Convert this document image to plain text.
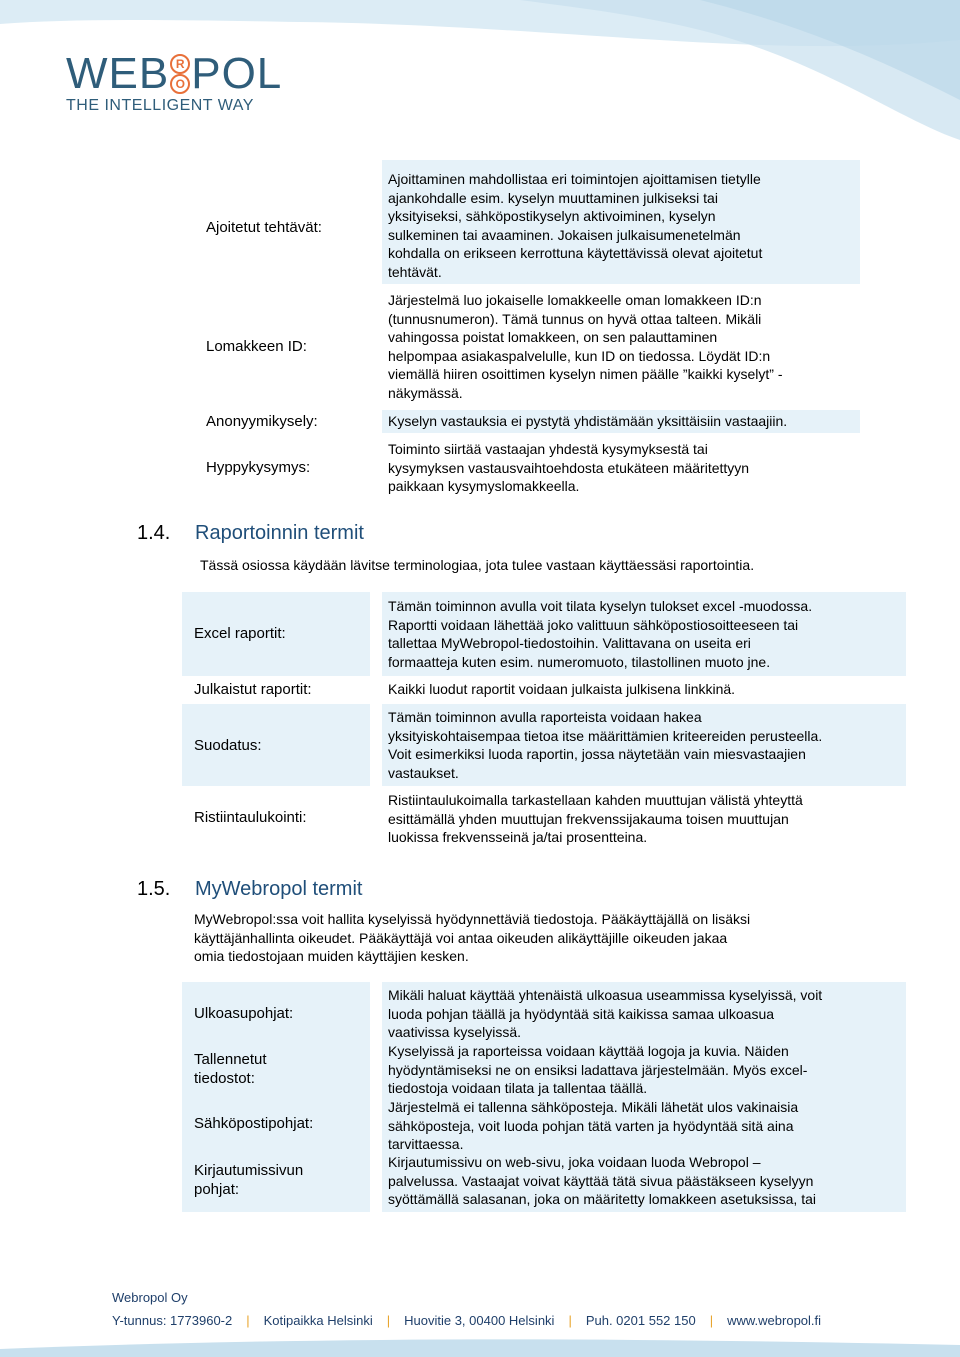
WEB $\frac{R}{O}$ POL
THE INTELLIGENT WAY
Ajoitetut tehtävät:
Ajoittaminen mahdollistaa eri toimintojen ajoittamisen tietylle
ajankohdalle esim. kyselyn muuttaminen julkiseksi tai
yksityiseksi, sähköpostikyselyn aktivoiminen, kyselyn
sulkeminen tai avaaminen. Jokaisen julkaisumenetelmän
kohdalla on erikseen kerrottuna käytettävissä olevat ajoitetut
tehtävät.
Lomakkeen ID:
Järjestelmä luo jokaiselle lomakkeelle oman lomakkeen ID:n
(tunnusnumeron). Tämä tunnus on hyvä ottaa talteen. Mikäli
vahingossa poistat lomakkeen, on sen palauttaminen
helpompaa asiakaspalvelulle, kun ID on tiedossa. Löydät ID:n
viemällä hiiren osoittimen kyselyn nimen päälle ”kaikki kyselyt” -
näkymässä.
Anonyymikysely:	Kyselyn vastauksia ei pystytä yhdistämään yksittäisiin vastaajiin.
Hyppykysymys:
Toiminto siirtää vastaajan yhdestä kysymyksestä tai
kysymyksen vastausvaihtoehdosta etukäteen määritettyyn
paikkaan kysymyslomakkeella.
1.4. Raportoinnin termit
Tässä osiossa käydään lävitse terminologiaa, jota tulee vastaan käyttäessäsi raportointia.
Excel raportit:
Tämän toiminnon avulla voit tilata kyselyn tulokset excel -muodossa.
Raportti voidaan lähettää joko valittuun sähköpostiosoitteeseen tai
tallettaa MyWebropol-tiedostoihin. Valittavana on useita eri
formaatteja kuten esim. numeromuoto, tilastollinen muoto jne.
Julkaistut raportit:	Kaikki luodut raportit voidaan julkaista julkisena linkkinä.
Suodatus:
Tämän toiminnon avulla raporteista voidaan hakea
yksityiskohtaisempaa tietoa itse määrittämien kriteereiden perusteella.
Voit esimerkiksi luoda raportin, jossa näytetään vain miesvastaajien
vastaukset.
Ristiintaulukointi:
Ristiintaulukoimalla tarkastellaan kahden muuttujan välistä yhteyttä
esittämällä yhden muuttujan frekvenssijakauma toisen muuttujan
luokissa frekvensseinä ja/tai prosentteina.
1.5. MyWebropol termit
MyWebropol:ssa voit hallita kyselyissä hyödynnettäviä tiedostoja. Pääkäyttäjällä on lisäksi
käyttäjänhallinta oikeudet. Pääkäyttäjä voi antaa oikeuden alikäyttäjille oikeuden jakaa
omia tiedostojaan muiden käyttäjien kesken.
Ulkoasupohjat:
Mikäli haluat käyttää yhtenäistä ulkoasua useammissa kyselyissä, voit
luoda pohjan täällä ja hyödyntää sitä kaikissa samaa ulkoasua
vaativissa kyselyissä.
Tallennetut tiedostot:
Kyselyissä ja raporteissa voidaan käyttää logoja ja kuvia. Näiden
hyödyntämiseksi ne on ensiksi ladattava järjestelmään. Myös excel-
tiedostoja voidaan tilata ja tallentaa täällä.
Sähköpostipohjat:
Järjestelmä ei tallenna sähköposteja. Mikäli lähetät ulos vakinaisia
sähköposteja, voit luoda pohjan tätä varten ja hyödyntää sitä aina
tarvittaessa.
Kirjautumissivun pohjat:
Kirjautumissivu on web-sivu, joka voidaan luoda Webropol –
palvelussa. Vastaajat voivat käyttää tätä sivua päästäkseen kyselyyn
syöttämällä salasanan, joka on määritetty lomakkeen asetuksissa, tai
Webropol Oy
Y-tunnus: 1773960-2 | Kotipaikka Helsinki | Huovitie 3, 00400 Helsinki | Puh. 0201 552 150 | www.webropol.fi
